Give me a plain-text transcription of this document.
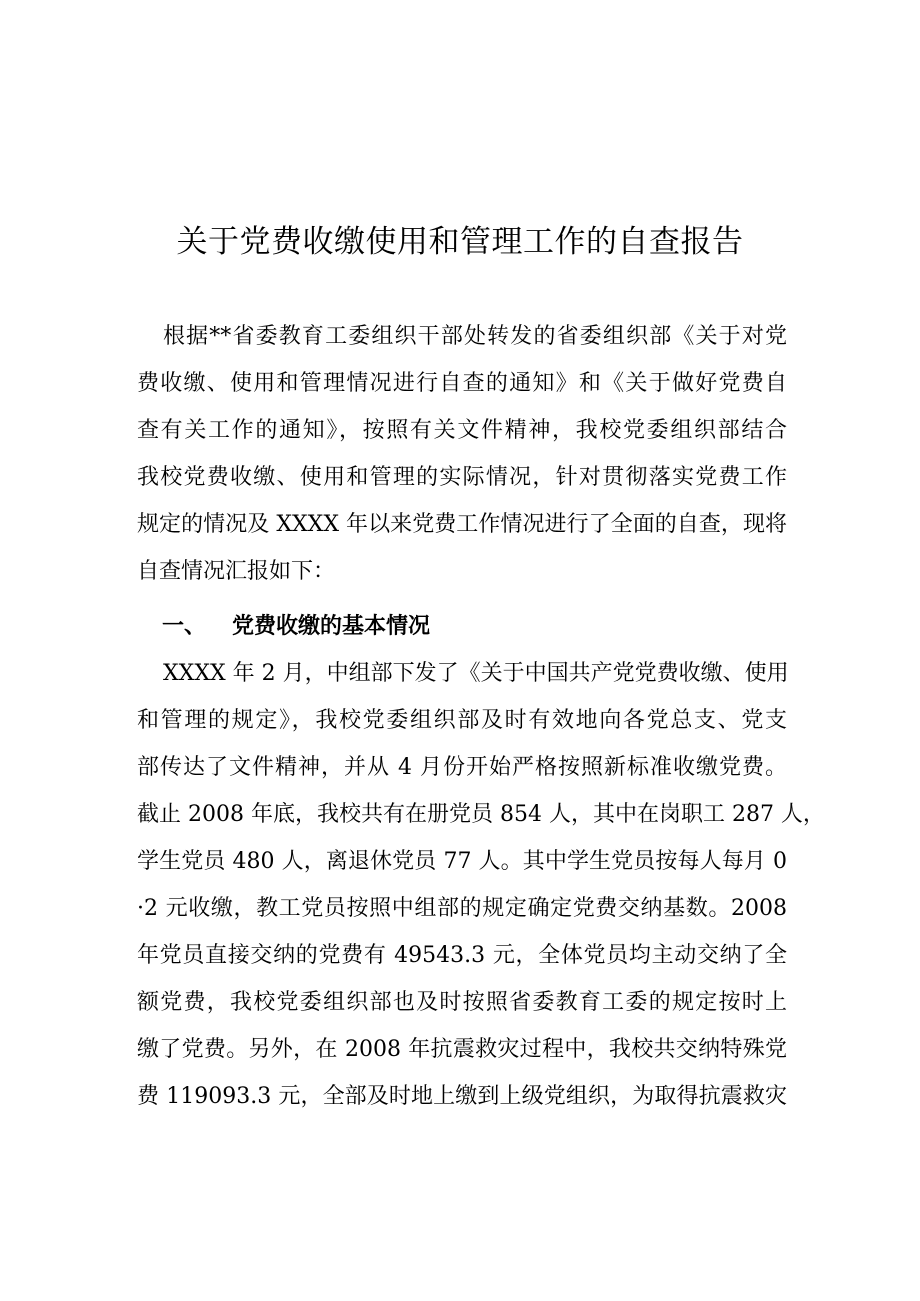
关于党费收缴使用和管理工作的自查报告
根据**省委教育工委组织干部处转发的省委组织部《关于对党
费收缴、使用和管理情况进行自查的通知》和《关于做好党费自
查有关工作的通知》，按照有关文件精神，我校党委组织部结合
我校党费收缴、使用和管理的实际情况，针对贯彻落实党费工作
规定的情况及 XXXX 年以来党费工作情况进行了全面的自查，现将
自查情况汇报如下：
一、 党费收缴的基本情况
XXXX 年 2 月，中组部下发了《关于中国共产党党费收缴、使用
和管理的规定》，我校党委组织部及时有效地向各党总支、党支
部传达了文件精神，并从 4 月份开始严格按照新标准收缴党费。
截止 2008 年底，我校共有在册党员 854 人，其中在岗职工 287 人，
学生党员 480 人，离退休党员 77 人。其中学生党员按每人每月 0
·2 元收缴，教工党员按照中组部的规定确定党费交纳基数。2008
年党员直接交纳的党费有 49543.3 元，全体党员均主动交纳了全
额党费，我校党委组织部也及时按照省委教育工委的规定按时上
缴了党费。另外，在 2008 年抗震救灾过程中，我校共交纳特殊党
费 119093.3 元，全部及时地上缴到上级党组织，为取得抗震救灾
